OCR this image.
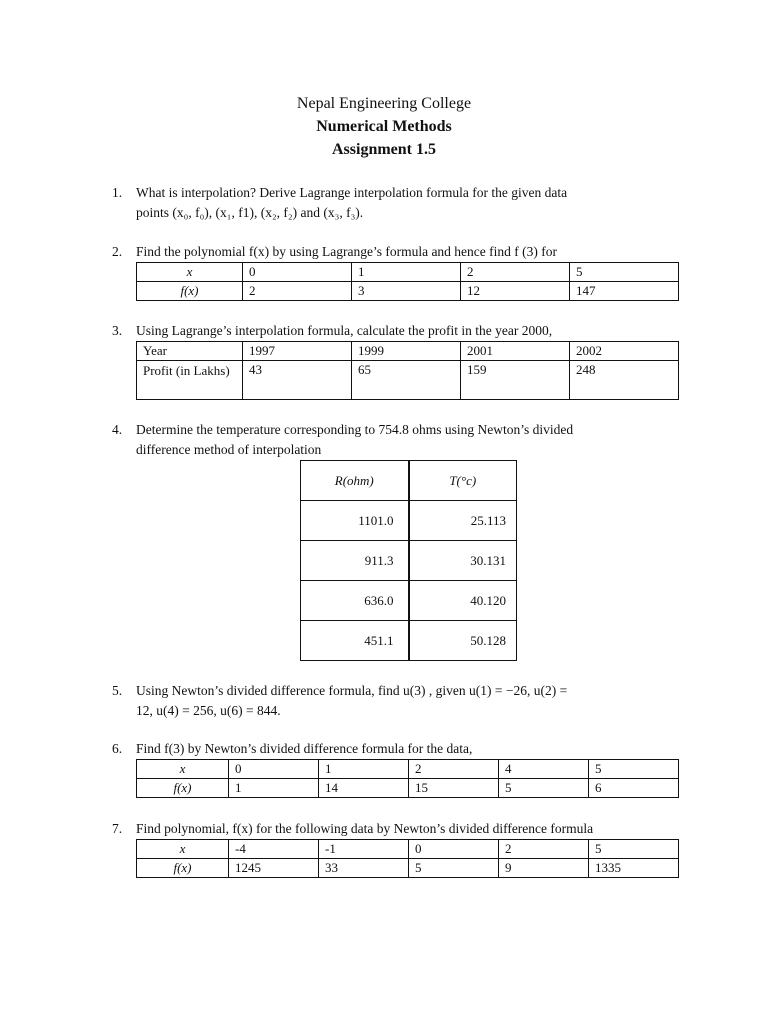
Nepal Engineering College
Numerical Methods
Assignment 1.5
1. What is interpolation? Derive Lagrange interpolation formula for the given data
points (x₀, f₀), (x₁, f1), (x₂, f₂) and (x₃, f₃).
2. Find the polynomial f(x) by using Lagrange’s formula and hence find f (3) for
x	0	1	2	5
f(x)	2	3	12	147
3. Using Lagrange’s interpolation formula, calculate the profit in the year 2000,
Year	1997	1999	2001	2002
Profit (in Lakhs)	43	65	159	248
4. Determine the temperature corresponding to 754.8 ohms using Newton’s divided
difference method of interpolation
R(ohm)	T(°c)
1101.0	25.113
911.3	30.131
636.0	40.120
451.1	50.128
5. Using Newton’s divided difference formula, find u(3) , given u(1) = −26, u(2) =
12, u(4) = 256, u(6) = 844.
6. Find f(3) by Newton’s divided difference formula for the data,
x	0	1	2	4	5
f(x)	1	14	15	5	6
7. Find polynomial, f(x) for the following data by Newton’s divided difference formula
x	-4	-1	0	2	5
f(x)	1245	33	5	9	1335
